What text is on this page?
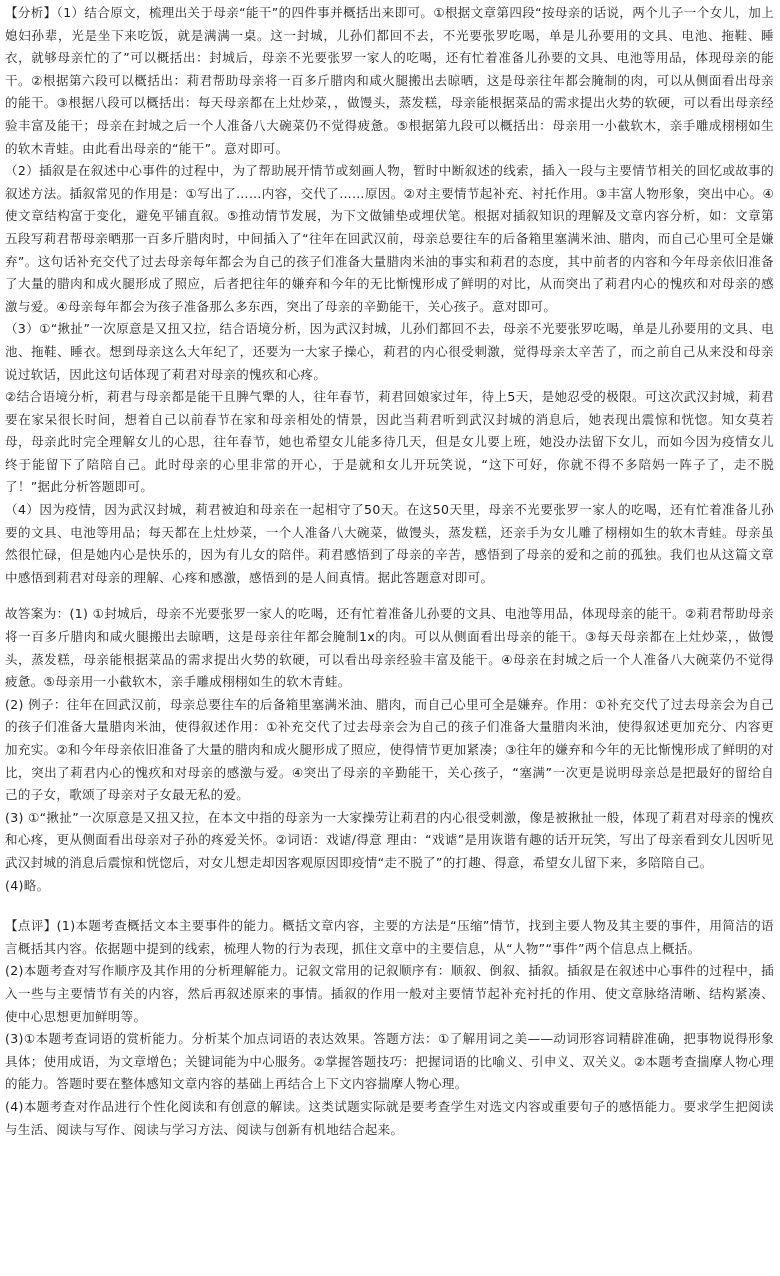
【分析】（1）结合原文，梳理出关于母亲“能干”的四件事并概括出来即可。①根据文章第四段“按母亲的话说，两个儿子一个女儿，加上媳妇孙辈，光是坐下来吃饭，就是满满一桌。这一封城，儿孙们都回不去，不光要张罗吃喝，单是儿孙要用的文具、电池、拖鞋、睡衣，就够母亲忙的了”可以概括出：封城后，母亲不光要张罗一家人的吃喝，还有忙着准备儿孙要的文具、电池等用品，体现母亲的能干。②根据第六段可以概括出：莉君帮助母亲将一百多斤腊肉和咸火腿搬出去晾晒，这是母亲往年都会腌制的肉，可以从侧面看出母亲的能干。③根据八段可以概括出：每天母亲都在上灶炒菜，，做馒头，蒸发糕，母亲能根据菜品的需求提出火势的软硬，可以看出母亲经验丰富及能干；母亲在封城之后一个人准备八大碗菜仍不觉得疲惫。⑤根据第九段可以概括出：母亲用一小截软木，亲手雕成栩栩如生的软木青蛙。由此看出母亲的“能干”。意对即可。

（2）插叙是在叙述中心事件的过程中，为了帮助展开情节或刻画人物，暂时中断叙述的线索，插入一段与主要情节相关的回忆或故事的叙述方法。插叙常见的作用是：①写出了……内容，交代了……原因。②对主要情节起补充、衬托作用。③丰富人物形象，突出中心。④使文章结构富于变化，避免平铺直叙。⑤推动情节发展，为下文做铺垫或埋伏笔。根据对插叙知识的理解及文章内容分析，如：文章第五段写莉君帮母亲晒那一百多斤腊肉时，中间插入了“往年在回武汉前，母亲总要往车的后备箱里塞满米油、腊肉，而自己心里可全是嫌弃”。这句话补充交代了过去母亲每年都会为自己的孩子们准备大量腊肉米油的事实和莉君的态度，其中前者的内容和今年母亲依旧准备了大量的腊肉和成火腿形成了照应，后者把往年的嫌弃和今年的无比惭愧形成了鲜明的对比，从而突出了莉君内心的愧疚和对母亲的感激与爱。④母亲每年都会为孩子准备那么多东西，突出了母亲的辛勤能干，关心孩子。意对即可。

（3）①“揪扯”一次原意是又扭又拉，结合语境分析，因为武汉封城，儿孙们都回不去，母亲不光要张罗吃喝，单是儿孙要用的文具、电池、拖鞋、睡衣。想到母亲这么大年纪了，还要为一大家子操心，莉君的内心很受刺激，觉得母亲太辛苦了，而之前自己从来没和母亲说过软话，因此这句话体现了莉君对母亲的愧疚和心疼。

②结合语境分析，莉君与母亲都是能干且脾气犟的人，往年春节，莉君回娘家过年，待上5天，是她忍受的极限。可这次武汉封城，莉君要在家呆很长时间，想着自己以前春节在家和母亲相处的情景，因此当莉君听到武汉封城的消息后，她表现出震惊和恍惚。知女莫若母，母亲此时完全理解女儿的心思，往年春节，她也希望女儿能多待几天，但是女儿要上班，她没办法留下女儿，而如今因为疫情女儿终于能留下了陪陪自己。此时母亲的心里非常的开心，于是就和女儿开玩笑说，“这下可好，你就不得不多陪妈一阵子了，走不脱了！”据此分析答题即可。

（4）因为疫情，因为武汉封城，莉君被迫和母亲在一起相守了50天。在这50天里，母亲不光要张罗一家人的吃喝，还有忙着准备儿孙要的文具、电池等用品；每天都在上灶炒菜，一个人准备八大碗菜，做馒头，蒸发糕，还亲手为女儿雕了栩栩如生的软木青蛙。母亲虽然很忙碌，但是她内心是快乐的，因为有儿女的陪伴。莉君感悟到了母亲的辛苦，感悟到了母亲的爱和之前的孤独。我们也从这篇文章中感悟到莉君对母亲的理解、心疼和感激，感悟到的是人间真情。据此答题意对即可。

故答案为：(1) ①封城后，母亲不光要张罗一家人的吃喝，还有忙着准备儿孙要的文具、电池等用品，体现母亲的能干。②莉君帮助母亲将一百多斤腊肉和咸火腿搬出去晾晒，这是母亲往年都会腌制1x的肉。可以从侧面看出母亲的能干。③每天母亲都在上灶炒菜，，做馒头，蒸发糕，母亲能根据菜品的需求提出火势的软硬，可以看出母亲经验丰富及能干。④母亲在封城之后一个人准备八大碗菜仍不觉得疲惫。⑤母亲用一小截软木，亲手雕成栩栩如生的软木青蛙。

(2) 例子：往年在回武汉前，母亲总要往车的后备箱里塞满米油、腊肉，而自己心里可全是嫌弃。作用：①补充交代了过去母亲会为自己的孩子们准备大量腊肉米油，使得叙述作用：①补充交代了过去母亲会为自己的孩子们准备大量腊肉米油，使得叙述更加充分、内容更加充实。②和今年母亲依旧准备了大量的腊肉和成火腿形成了照应，使得情节更加紧凑；③往年的嫌弃和今年的无比惭愧形成了鲜明的对比，突出了莉君内心的愧疚和对母亲的感激与爱。④突出了母亲的辛勤能干，关心孩子，“塞满”一次更是说明母亲总是把最好的留给自己的子女，歌颂了母亲对子女最无私的爱。

(3) ①“揪扯”一次原意是又扭又拉，在本文中指的母亲为一大家操劳让莉君的内心很受刺激，像是被揪扯一般，体现了莉君对母亲的愧疚和心疼，更从侧面看出母亲对子孙的疼爱关怀。②词语：戏谑/得意 理由：“戏谑”是用诙谐有趣的话开玩笑，写出了母亲看到女儿因听见武汉封城的消息后震惊和恍惚后，对女儿想走却因客观原因即疫情“走不脱了”的打趣、得意，希望女儿留下来，多陪陪自己。

(4)略。

【点评】(1)本题考查概括文本主要事件的能力。概括文章内容，主要的方法是“压缩”情节，找到主要人物及其主要的事件，用简洁的语言概括其内容。依据题中提到的线索，梳理人物的行为表现，抓住文章中的主要信息，从“人物”“事件”两个信息点上概括。

(2)本题考查对写作顺序及其作用的分析理解能力。记叙文常用的记叙顺序有：顺叙、倒叙、插叙。插叙是在叙述中心事件的过程中，插入一些与主要情节有关的内容，然后再叙述原来的事情。插叙的作用一般对主要情节起补充衬托的作用、使文章脉络清晰、结构紧凑、使中心思想更加鲜明等。

(3)①本题考查词语的赏析能力。分析某个加点词语的表达效果。答题方法：①了解用词之美——动词形容词精辟准确，把事物说得形象具体；使用成语，为文章增色；关键词能为中心服务。②掌握答题技巧：把握词语的比喻义、引申义、双关义。②本题考查揣摩人物心理的能力。答题时要在整体感知文章内容的基础上再结合上下文内容揣摩人物心理。

(4)本题考查对作品进行个性化阅读和有创意的解读。这类试题实际就是要考查学生对选文内容或重要句子的感悟能力。要求学生把阅读与生活、阅读与写作、阅读与学习方法、阅读与创新有机地结合起来。
